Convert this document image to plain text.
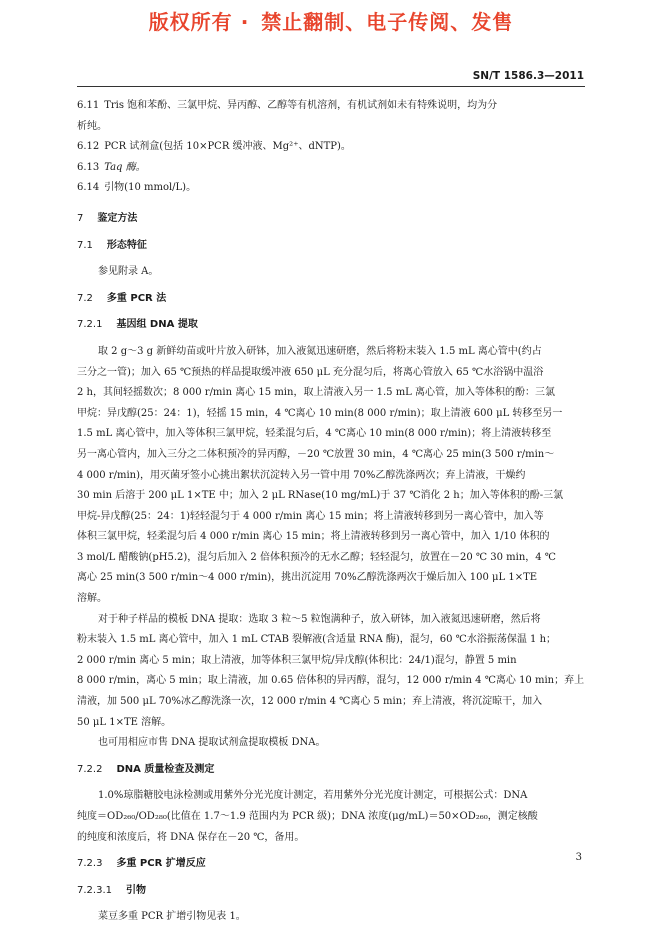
版权所有 · 禁止翻制、电子传阅、发售
SN/T 1586.3—2011
6.11 Tris 饱和苯酚、三氯甲烷、异丙醇、乙醇等有机溶剂，有机试剂如未有特殊说明，均为分
析纯。
6.12 PCR 试剂盒(包括 10×PCR 缓冲液、Mg²⁺、dNTP)。
6.13 Taq 酶。
6.14 引物(10 mmol/L)。
7 鉴定方法
7.1 形态特征
参见附录 A。
7.2 多重 PCR 法
7.2.1 基因组 DNA 提取
取 2 g～3 g 新鲜幼苗或叶片放入研钵，加入液氮迅速研磨，然后将粉末装入 1.5 mL 离心管中(约占
三分之一管)；加入 65 ℃预热的样品提取缓冲液 650 μL 充分混匀后，将离心管放入 65 ℃水浴锅中温浴
2 h，其间轻摇数次；8 000 r/min 离心 15 min，取上清液入另一 1.5 mL 离心管，加入等体积的酚：三氯
甲烷：异戊醇(25：24：1)，轻摇 15 min，4 ℃离心 10 min(8 000 r/min)；取上清液 600 μL 转移至另一
1.5 mL 离心管中，加入等体积三氯甲烷，轻柔混匀后，4 ℃离心 10 min(8 000 r/min)；将上清液转移至
另一离心管内，加入三分之二体积预冷的异丙醇，－20 ℃放置 30 min，4 ℃离心 25 min(3 500 r/min～
4 000 r/min)，用灭菌牙签小心挑出絮状沉淀转入另一管中用 70%乙醇洗涤两次；弃上清液，干燥约
30 min 后溶于 200 μL 1×TE 中；加入 2 μL RNase(10 mg/mL)于 37 ℃消化 2 h；加入等体积的酚-三氯
甲烷-异戊醇(25：24：1)轻轻混匀于 4 000 r/min 离心 15 min；将上清液转移到另一离心管中，加入等
体积三氯甲烷，轻柔混匀后 4 000 r/min 离心 15 min；将上清液转移到另一离心管中，加入 1/10 体积的
3 mol/L 醋酸钠(pH5.2)，混匀后加入 2 倍体积预冷的无水乙醇；轻轻混匀，放置在－20 ℃ 30 min，4 ℃
离心 25 min(3 500 r/min～4 000 r/min)，挑出沉淀用 70%乙醇洗涤两次于燥后加入 100 μL 1×TE
溶解。
对于种子样品的模板 DNA 提取：选取 3 粒～5 粒饱满种子，放入研钵，加入液氮迅速研磨，然后将
粉末装入 1.5 mL 离心管中，加入 1 mL CTAB 裂解液(含适量 RNA 酶)，混匀，60 ℃水浴振荡保温 1 h；
2 000 r/min 离心 5 min；取上清液，加等体积三氯甲烷/异戊醇(体积比：24/1)混匀，静置 5 min
8 000 r/min，离心 5 min；取上清液，加 0.65 倍体积的异丙醇，混匀，12 000 r/min 4 ℃离心 10 min；弃上
清液，加 500 μL 70%冰乙醇洗涤一次，12 000 r/min 4 ℃离心 5 min；弃上清液，将沉淀晾干，加入
50 μL 1×TE 溶解。
也可用相应市售 DNA 提取试剂盒提取模板 DNA。
7.2.2 DNA 质量检查及测定
1.0%琼脂糖胶电泳检测或用紫外分光光度计测定，若用紫外分光光度计测定，可根据公式：DNA
纯度＝OD₂₆₀/OD₂₈₀(比值在 1.7～1.9 范围内为 PCR 级)；DNA 浓度(μg/mL)＝50×OD₂₆₀，测定核酸
的纯度和浓度后，将 DNA 保存在－20 ℃，备用。
7.2.3 多重 PCR 扩增反应
7.2.3.1 引物
菜豆多重 PCR 扩增引物见表 1。
3
